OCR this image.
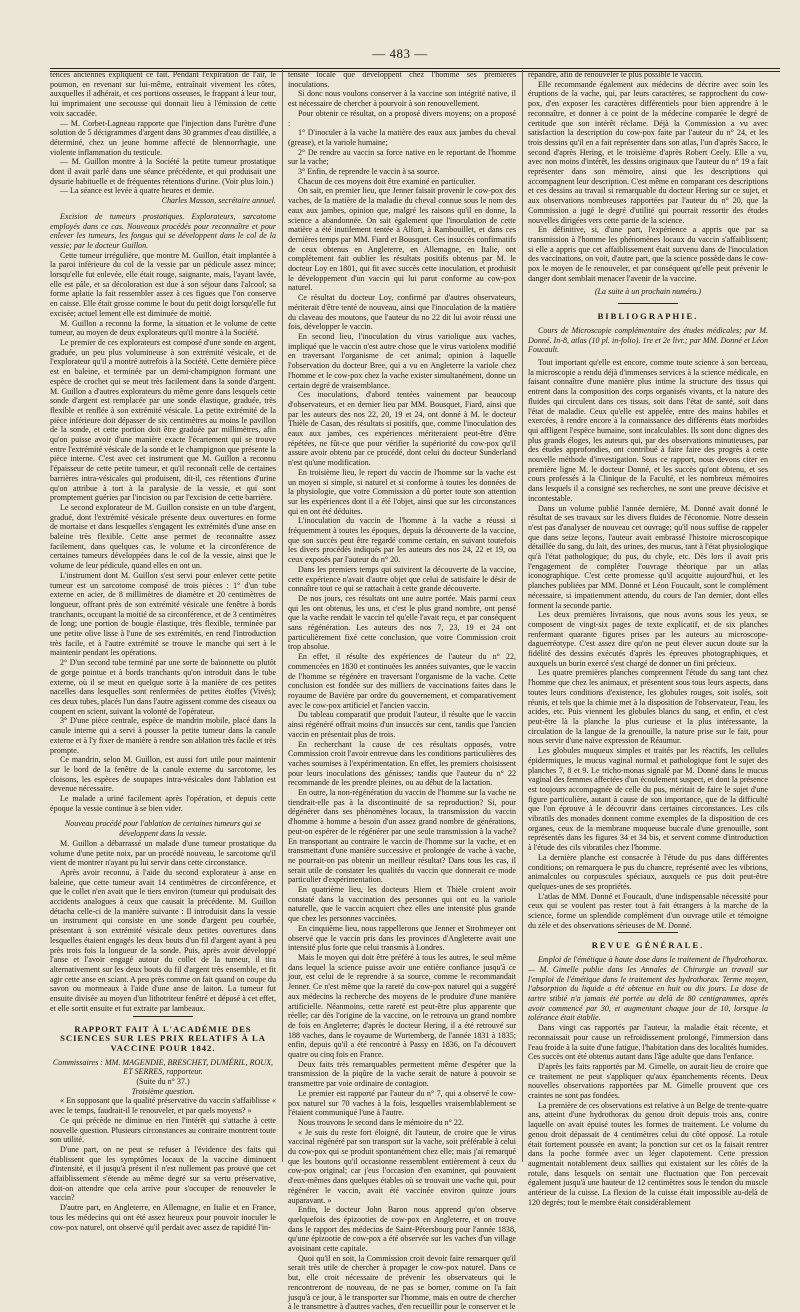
— 483 —

tences anciennes expliquent ce fait. Pendant l'expiration de l'air, le poumon, en revenant sur lui-même, entraînait vivement les côtes, auxquelles il adhérait, et ces portions osseuses, le frappant à leur tour, lui imprimaient une secousse qui donnait lieu à l'émission de cette voix saccadée.

— M. Corbet-Lagneau rapporte que l'injection dans l'urètre d'une solution de 5 décigrammes d'argent dans 30 grammes d'eau distillée, a déterminé, chez un jeune homme affecté de blennorrhagie, une violente inflammation du testicule.

— M. Guillon montre à la Société la petite tumeur prostatique dont il avait parlé dans une séance précédente, et qui produisait une dysurie habituelle et de fréquentes rétentions d'urine. (Voir plus loin.)

— La séance est levée à quatre heures et demie.

Charles Masson, secrétaire annuel.

Excision de tumeurs prostatiques. Explorateurs, sarcotome employés dans ce cas. Nouveaux procédés pour reconnaître et pour enlever les tumeurs, les fongus qui se développent dans le col de la vessie; par le docteur Guillon.

Cette tumeur irrégulière, que montre M. Guillon, était implantée à la paroi inférieure du col de la vessie par un pédicule assez mince; lorsqu'elle fut enlevée, elle était rouge, saignante, mais, l'ayant lavée, elle est pâle, et sa décoloration est due à son séjour dans l'alcool; sa forme aplatie la fait ressembler assez à ces figues que l'on conserve en caisse. Elle était grosse comme le bout du petit doigt lorsqu'elle fut excisée; actuel lement elle est diminuée de moitié.

M. Guillon a reconnu la forme, la situation et le volume de cette tumeur, au moyen de deux explorateurs qu'il montre à la Société.

Le premier de ces explorateurs est composé d'une sonde en argent, graduée, un peu plus volumineuse à son extrémité vésicale, et de l'explorateur qu'il a montré autrefois à la Société. Cette dernière pièce est en baleine, et terminée par un demi-champignon formant une espèce de crochet qui se meut très facilement dans la sonde d'argent. M. Guillon a d'autres explorateurs du même genre dans lesquels cette sonde d'argent est remplacée par une sonde élastique, graduée, très flexible et renflée à son extrémité vésicale. La petite extrémité de la pièce inférieure doit dépasser de six centimètres au moins le pavillon de la sonde, et cette portion doit être graduée par millimètres, afin qu'on puisse avoir d'une manière exacte l'écartement qui se trouve entre l'extrémité vésicale de la sonde et le champignon que présente la pièce interne. C'est avec cet instrument que M. Guillon a reconnu l'épaisseur de cette petite tumeur, et qu'il reconnaît celle de certaines barrières intra-vésicales qui produisent, dit-il, ces rétentions d'urine qu'on attribue à tort à la paralysie de la vessie, et qui sont promptement guéries par l'incision ou par l'excision de cette barrière.

Le second explorateur de M. Guillon consiste en un tube d'argent, gradué, dont l'extrémité vésicale présente deux ouvertures en forme de mortaise et dans lesquelles s'engagent les extrémités d'une anse en baleine très flexible. Cette anse permet de reconnaître assez facilement, dans quelques cas, le volume et la circonférence de certaines tumeurs développées dans le col de la vessie, ainsi que le volume de leur pédicule, quand elles en ont un.

L'instrument dont M. Guillon s'est servi pour enlever cette petite tumeur est un sarcotome composé de trois pièces : 1° d'un tube externe en acier, de 8 millimètres de diamètre et 20 centimètres de longueur, offrant près de son extrémité vésicale une fenêtre à bords tranchants, occupant la moitié de sa circonférence, et de 3 centimètres de long; une portion de bougie élastique, très flexible, terminée par une petite olive lisse à l'une de ses extrémités, en rend l'introduction très facile, et à l'autre extrémité se trouve le manche qui sert à le maintenir pendant les opérations.

2° D'un second tube terminé par une sorte de baïonnette ou plutôt de gorge pointue et à bords tranchants qu'on introduit dans le tube externe, où il se meut en quelque sorte à la manière de ces petites nacelles dans lesquelles sont renfermées de petites étoffes (Vivés); ces deux tubes, placés l'un dans l'autre agissent comme des ciseaux ou coupent en scient, suivant la volonté de l'opérateur.

3° D'une pièce centrale, espèce de mandrin mobile, placé dans la canule interne qui a servi à pousser la petite tumeur dans la canule externe et à l'y fixer de manière à rendre son ablation très facile et très prompte.

Ce mandrin, selon M. Guillon, est aussi fort utile pour maintenir sur le bord de la fenêtre de la canule externe du sarcotome, les cloisons, les espèces de soupapes intra-vésicales dont l'ablation est devenue nécessaire.

Le malade a uriné facilement après l'opération, et depuis cette époque la vessie continue à se bien vider.

Nouveau procédé pour l'ablation de certaines tumeurs qui se développent dans la vessie.

M. Guillon a débarrassé un malade d'une tumeur prostatique du volume d'une petite noix, par un procédé nouveau, le sarcotome qu'il vient de montrer n'ayant pu lui servir dans cette circonstance.

Après avoir reconnu, à l'aide du second explorateur à anse en baleine, que cette tumeur avait 14 centimètres de circonférence, et que le collet n'en avait que le tiers environ (tumeur qui produisait des accidents analogues à ceux que causait la précédente. M. Guillon détacha celle-ci de la manière suivante : Il introduisit dans la vessie un instrument qui consiste en une sonde d'argent peu courbée, présentant à son extrémité vésicale deux petites ouvertures dans lesquelles étaient engagés les deux bouts d'un fil d'argent ayant à peu près trois fois la longueur de la sonde. Puis, après avoir développé l'anse et l'avoir engagé autour du collet de la tumeur, il tira alternativement sur les deux bouts du fil d'argent très ensemble, et fit agir cette anse en sciant. A peu près comme on fait quand on coupe du savon ou mormeaux à l'aide d'une anse de laiton. La tumeur fut ensuite divisée au moyen d'un lithotriteur fenêtré et déposé à cet effet, et elle sortit ensuite et fut extraite par lambeaux.

RAPPORT FAIT À L'ACADÉMIE DES SCIENCES SUR LES PRIX RELATIFS À LA VACCINE POUR 1842.

Commissaires : MM. MAGENDIE, BRESCHET, DUMÉRIL, ROUX, ET SERRES, rapporteur.

(Suite du n° 37.)

Troisième question.

« En supposant que la qualité préservative du vaccin s'affaiblisse « avec le temps, faudrait-il le renouveler, et par quels moyens? »

Ce qui précède ne diminue en rien l'intérêt qui s'attache à cette nouvelle question. Plusieurs circonstances au contraire montrent toute son utilité.

D'une part, on ne peut se refuser à l'évidence des faits qui établissent que les symptômes locaux de la vaccine diminuent d'intensité, et il jusqu'à présent il n'est nullement pas prouvé que cet affaiblissement s'étende au même degré sur sa vertu préservative, doit-on attendre que cela arrive pour s'occuper de renouveler le vaccin?

D'autre part, en Angleterre, en Allemagne, en Italie et en France, tous les médecins qui ont été assez heureux pour pouvoir inoculer le cow-pox naturel, ont observé qu'il perdait avec assez de rapidité l'in-

tensité locale que développent chez l'homme ses premières inoculations.

Si donc nous voulons conserver à la vaccine son intégrité native, il est nécessaire de chercher à pourvoir à son renouvellement.

Pour obtenir ce résultat, on a proposé divers moyens; on a proposé :

1° D'inoculer à la vache la matière des eaux aux jambes du cheval (grease), et la variole humaine;

2° De rendre au vaccin sa force native en le reportant de l'homme sur la vache;

3° Enfin, de reprendre le vaccin à sa source.

Chacun de ces moyens doit être examiné en particulier.

On sait, en premier lieu, que Jenner faisait provenir le cow-pox des vaches, de la matière de la maladie du cheval connue sous le nom des eaux aux jambes, opinion que, malgré les raisons qu'il en donne, la science a abandonnée. On sait également que l'inoculation de cette matière a été inutilement tentée à Alfort, à Rambouillet, et dans ces dernières temps par MM. Fiard et Bousquet. Ces insuccès confirmatifs de ceux obtenus en Angleterre, en Allemagne, en Italie, ont complètement fait oublier les résultats positifs obtenus par M. le docteur Loy en 1801, qui fit avec succès cette inoculation, et produisit le développement d'un vaccin qui lui parut conforme au cow-pox naturel.

Ce résultat du docteur Loy, confirmé par d'autres observateurs, mériterait d'être tenté de nouveau, ainsi que l'inoculation de la matière du claveau des moutons, que l'auteur du no 22 dit lui avoir réussi une fois, développer le vaccin.

En second lieu, l'inoculation du virus variolique aux vaches, impliqué que le vaccin n'est autre chose que le virus variolenx modifié en traversant l'organisme de cet animal; opinion à laquelle l'observation du docteur Bree, qui a vu en Angleterre la variole chez l'homme et le cow-pox chez la vache exister simultanément, donne un certain degré de vraisemblance.

Ces inoculations, d'abord tentées vainement par beaucoup d'observateurs, et en dernier lieu par MM. Bousquet, Fiard, ainsi que par les auteurs des nos 22, 20, 19 et 24, ont donné à M. le docteur Thièle de Casan, des résultats si positifs, que, comme l'inoculation des eaux aux jambes, ces expériences mériteraient peut-être d'être répétées, ne fût-ce que pour vérifier la supériorité du cow-pox qu'il assure avoir obtenu par ce procédé, dont celui du docteur Sunderland n'est qu'une modification.

En troisième lieu, le report du vaccin de l'homme sur la vache est un moyen si simple, si naturel et si conforme à toutes les données de la physiologie, que votre Commission a dû porter toute son attention sur les expériences dont il a été l'objet, ainsi que sur les circonstances qui en ont été déduites.

L'inoculation du vaccin de l'homme à la vache a réussi si fréquemment à toutes les époques, depuis la découverte de la vaccine, que son succès peut être regardé comme certain, en suivant toutefois les divers procédés indiqués par les auteurs des nos 24, 22 et 19, ou ceux exposés par l'auteur du n° 20.

Dans les premiers temps qui suivirent la découverte de la vaccine, cette expérience n'avait d'autre objet que celui de satisfaire le désir de connaître tout ce qui se rattachait à cette grande découverte.

De nos jours, ces résultats ont une autre portée. Mais parmi ceux qui les ont obtenus, les uns, et c'est le plus grand nombre, ont pensé que la vache rendait le vaccin tel qu'elle l'avait reçu, et par conséquent sans régénération. Les auteurs des nos 7, 23, 19 et 24 ont particulièrement fixé cette conclusion, que votre Commission croit trop absolue.

En effet, il résulte des expériences de l'auteur du n° 22, commencées en 1830 et continuées les années suivantes, que le vaccin de l'homme se régénère en traversant l'organisme de la vache. Cette conclusion est fondée sur des milliers de vaccinations faites dans le royaume de Bavière par ordre du gouvernement, et comparativement avec le cow-pox artificiel et l'ancien vaccin.

Du tableau comparatif que produit l'auteur, il résulte que le vaccin ainsi régénéré offrait moins d'un insuccès sur cent, tandis que l'ancien vaccin en présentait plus de trois.

En recherchant la cause de ces résultats opposés, votre Commission croit l'avoir entrevue dans les conditions particulières des vaches soumises à l'expérimentation. En effet, les premiers choisissent pour leurs inoculations des génisses; tandis que l'auteur du n° 22 recommande de les prendre pleines, ou au début de la lactation.

En outre, la non-régénération du vaccin de l'homme sur la vache ne tiendrait-elle pas à la discontinuité de sa reproduction? Si, pour dégénérer dans ses phénomènes locaux, la transmission du vaccin d'homme à homme a besoin d'un assez grand nombre de générations, peut-on espérer de le régénérer par une seule transmission à la vache? En transportant au contraire le vaccin de l'homme sur la vache, et en transmettant d'une manière successive et prolongée de vache à vache, ne pourrait-on pas obtenir un meilleur résultat? Dans tous les cas, il serait utile de constater les qualités du vaccin que donnerait ce mode particulier d'expérimentation.

En quatrième lieu, les docteurs Hiem et Thièle croient avoir constaté dans la vaccination des personnes qui ont eu la variole naturelle, que le vaccin acquiert chez elles une intensité plus grande que chez les personnes vaccinées.

En cinquième lieu, nous rappellerons que Jenner et Strohmeyer ont observé que le vaccin pris dans les provinces d'Angleterre avait une intensité plus forte que celui transmis à Londres.

Mais le moyen qui doit être préféré à tous les autres, le seul même dans lequel la science puisse avoir une entière confiance jusqu'à ce jour, est celui de le reprendre à sa source, comme le recommandait Jenner. Ce n'est même que la rareté du cow-pox naturel qui a suggéré aux médecins la recherche des moyens de le produire d'une manière artificielle. Néanmoins, cette rareté est peut-être plus apparente que réelle; car dès l'origine de la vaccine, on le retrouva un grand nombre de fois en Angleterre; d'après le docteur Hering, il a été retrouvé sur 188 vaches, dans le royaume de Wurtemberg, de l'année 1831 à 1835; enfin, depuis qu'il a été rencontré à Passy en 1836, on l'a découvert quatre ou cinq fois en France.

Deux faits très remarquables permettent même d'espérer que la transmission de la piqûre de la vache serait de nature à pouvoir se transmettre par voie ordinaire de contagion.

Le premier est rapporté par l'auteur du n° 7, qui a observé le cow-pox naturel sur 70 vaches à la fois, lesquelles vraisemblablement se l'étaient communiqué l'une à l'autre.

Nous trouvons le second dans le mémoire du n° 22.

« Je suis du reste fort éloigné, dit l'auteur, de croire que le virus vaccinal régénéré par son transport sur la vache, soit préférable à celui du cow-pox qui se produit spontanément chez elle; mais j'ai remarqué que les boutons qu'il occasionne ressemblent entièrement à ceux du cow-pox original; car j'eus l'occasion d'en examiner, qui pouvaient d'eux-mêmes dans quelques étables où se trouvait une vache qui, pour régénérer le vaccin, avait été vaccinée environ quinze jours auparavant. »

Enfin, le docteur John Baron nous apprend qu'on observe quelquefois des épizooties de cow-pox en Angleterre, et on trouve dans le rapport des médecins de Saint-Pétersbourg pour l'année 1838, qu'une épizootie de cow-pox a été observée sur les vaches d'un village avoisinant cette capitale.

Quoi qu'il en soit, la Commission croit devoir faire remarquer qu'il serait très utile de chercher à propager le cow-pox naturel. Dans ce but, elle croit nécessaire de prévenir les observateurs qui le rencontreront de nouveau, de ne pas se borner, comme on l'a fait jusqu'à ce jour, à le transporter sur l'homme, mais en outre de chercher à le transmettre à d'autres vaches, d'en recueillir pour le conserver et le

répandre, afin de renouveler le plus possible le vaccin.

Elle recommande également aux médecins de décrire avec soin les éruptions de la vache, qui, par leurs caractères, se rapprochent du cow-pox, d'en exposer les caractères différentiels pour bien apprendre à le reconnaître, et donner à ce point de la médecine comparée le degré de certitude que son intérêt réclame. Déjà la Commission a vu avec satisfaction la description du cow-pox faite par l'auteur du n° 24, et les trois dessins qu'il en a fait représenter dans son atlas, l'un d'après Sacco, le second d'après Hering, et le troisième d'après Robert Ceely. Elle a vu, avec non moins d'intérêt, les dessins originaux que l'auteur du n° 19 a fait représenter dans son mémoire, ainsi que les descriptions qui accompagnent leur description. C'est même en comparant ces descriptions et ces dessins au travail si remarquable du docteur Hering sur ce sujet, et aux observations nombreuses rapportées par l'auteur du n° 20, que la Commission a jugé le degré d'utilité qui pourrait ressortir des études nouvelles dirigées vers cette partie de la science.

En définitive, si, d'une part, l'expérience a appris que par sa transmission à l'homme les phénomènes locaux du vaccin s'affaiblissent; si elle a appris que cet affaiblissement était survenu dans de l'inoculation des vaccinations, on voit, d'autre part, que la science possède dans le cow-pox le moyen de le renouveler, et par conséquent qu'elle peut prévenir le danger dont semblait menacer l'avenir de la vaccine.

(La suite à un prochain numéro.)

BIBLIOGRAPHIE.

Cours de Microscopie complémentaire des études médicales; par M. Donné. In-8, atlas (10 pl. in-folio). 1re et 2e livr.; par MM. Donné et Léon Foucault.

Tout important qu'elle est encore, comme toute science à son berceau, la microscopie a rendu déjà d'immenses services à la science médicale, en faisant connaître d'une manière plus intime la structure des tissus qui entrent dans la composition des corps organisés vivants, et la nature des fluides qui circulent dans ces tissus, soit dans l'état de santé, soit dans l'état de maladie. Ceux qu'elle est appelée, entre des mains habiles et exercées, à rendre encore à la connaissance des différents états morbides qui affligent l'espèce humaine, sont incalculables. Ils sont donc dignes des plus grands éloges, les auteurs qui, par des observations minutieuses, par des études approfondies, ont contribué à faire faire des progrès à cette nouvelle méthode d'investigation. Sous ce rapport, nous devons citer en première ligne M. le docteur Donné, et les succès qu'ont obtenu, et ses cours professés à la Clinique de la Faculté, et les nombreux mémoires dans lesquels il a consigné ses recherches, ne sont une preuve décisive et incontestable.

Dans un volume publié l'année dernière, M. Donné avait donné le résultat de ses travaux sur les divers fluides de l'économie. Notre dessein n'est pas d'analyser de nouveau cet ouvrage; qu'il nous suffise de rappeler que dans seize leçons, l'auteur avait embrassé l'histoire microscopique détaillée du sang, du lait, des urines, des mucus, tant à l'état physiologique qu'à l'état pathologique; du pus, du chyle, etc. Dès lors il avait pris l'engagement de compléter l'ouvrage théorique par un atlas iconographique. C'est cette promesse qu'il acquitte aujourd'hui, et les planches publiées par MM. Donné et Léon Foucault, sont le complément nécessaire, si impatiemment attendu, du cours de l'an dernier, dont elles forment la seconde partie.

Les deux premières livraisons, que nous avons sous les yeux, se composent de vingt-six pages de texte explicatif, et de six planches renfermant quarante figures prises par les auteurs au microscope-daguerréotype. C'est assez dire qu'on ne peut élever aucun doute sur la fidélité des dessins exécutés d'après les épreuves photographiques, et auxquels un burin exercé s'est chargé de donner un fini précieux.

Les quatre premières planches comprennent l'étude du sang tant chez l'homme que chez les animaux, et présentent sous tous leurs aspects, dans toutes leurs conditions d'existence, les globules rouges, soit isolés, soit réunis, et tels que la chimie met à la disposition de l'observateur, l'eau, les acides, etc. Puis viennent les globules blancs du sang, et enfin, et c'est peut-être là la planche la plus curieuse et la plus intéressante, la circulation de la langue de la grenouille, la nature prise sur le fait, pour nous servir d'une naïve expression de Réaumur.

Les globules muqueux simples et traités par les réactifs, les cellules épidermiques, le mucus vaginal normal et pathologique font le sujet des planches 7, 8 et 9. Le tricho-monas signalé par M. Donné dans le mucus vaginal des femmes affectées d'un écoulement suspect, et dont la présence est toujours accompagnée de celle du pus, méritait de faire le sujet d'une figure particulière, autant à cause de son importance, que de la difficulté que l'on éprouve à le découvrir dans certaines circonstances. Les cils vibratils des monades donnent comme exemples de la disposition de ces organes, ceux de la membrane muqueuse buccale d'une grenouille, sont représentés dans les figures 34 et 34 bis, et servent comme d'introduction à l'étude des cils vibratiles chez l'homme.

La dernière planche est consacrée à l'étude du pus dans différentes conditions; on remarquera le pus du chancre, représenté avec les vibrions, animalcules ou corpuscules spéciaux, auxquels ce pus doit peut-être quelques-unes de ses propriétés.

L'atlas de MM. Donné et Foucault, d'une indispensable nécessité pour ceux qui se voulent pas rester tout à fait étrangers à la marche de la science, forme un splendide complément d'un ouvrage utile et témoigne du zèle et des observations sérieuses de M. Donné.

REVUE GÉNÉRALE.

Emploi de l'émétique à haute dose dans le traitement de l'hydrothorax. — M. Gimelle publie dans les Annales de Chirurgie un travail sur l'emploi de l'émétique dans le traitement des hydrothorax. Terme moyen, l'absorption du liquide a été obtenue en huit ou dix jours. La dose de tartre stibié n'a jamais été portée au delà de 80 centigrammes, après avoir commencé par 30, et augmentant chaque jour de 10, lorsque la tolérance était établie.

Dans vingt cas rapportés par l'auteur, la maladie était récente, et reconnaissait pour cause un refroidissement prolongé, l'immersion dans l'eau froide à la suite d'une fatigue, l'habitation dans des localités humides. Ces succès ont été obtenus autant dans l'âge adulte que dans l'enfance.

D'après les faits rapportés par M. Gimelle, on aurait lieu de croire que ce traitement ne peut s'appliquer qu'aux épanchements récents. Deux nouvelles observations rapportées par M. Gimelle prouvent que ces craintes ne sont pas fondées.

La première de ces observations est relative à un Belge de trente-quatre ans, atteint d'une hydrothorax du genou droit depuis trois ans, contre laquelle on avait épuisé toutes les formes de traitement. Le volume du genou droit dépassait de 4 centimètres celui du côté opposé. La rotule était fortement poussée en avant; la ponction sur cet os la faisait rentrer dans la poche formée avec un léger clapotement. Cette pression augmentait notablement deux saillies qui existaient sur les côtés de la rotule, dans lesquels on sentait une fluctuation que l'on percevait également jusqu'à une hauteur de 12 centimètres sous le tendon du muscle antérieur de la cuisse. La flexion de la cuisse était impossible au-delà de 120 degrés; tout le membre était considérablement
